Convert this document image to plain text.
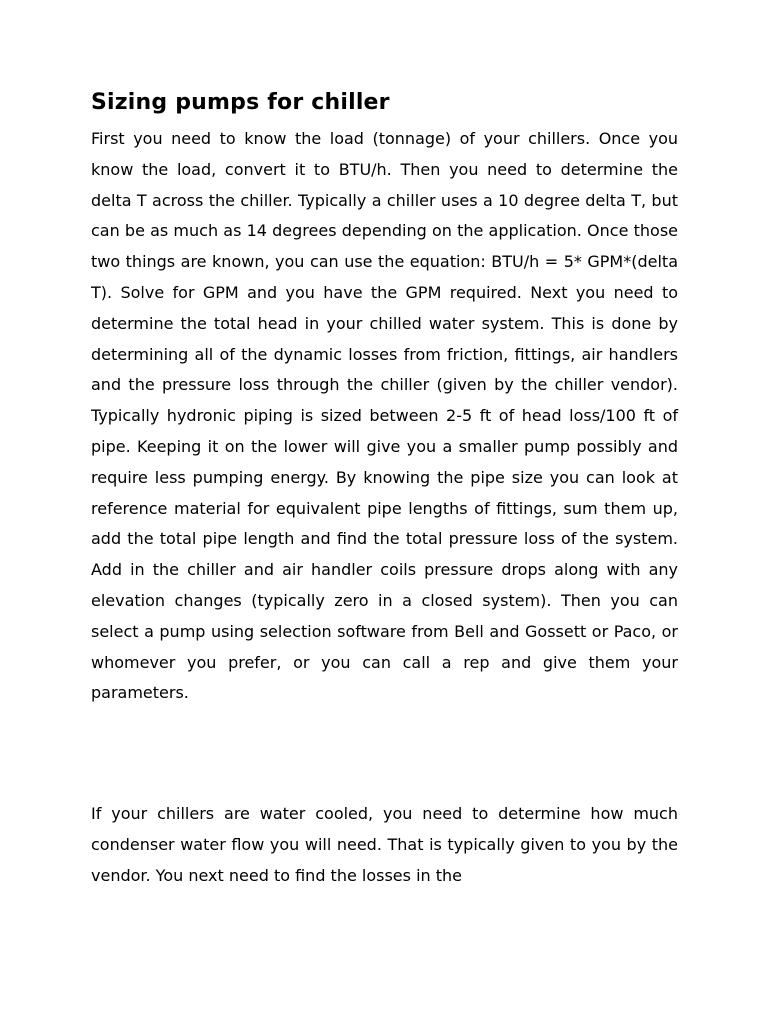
Sizing pumps for chiller

First you need to know the load (tonnage) of your chillers. Once you know the load, convert it to BTU/h. Then you need to determine the delta T across the chiller. Typically a chiller uses a 10 degree delta T, but can be as much as 14 degrees depending on the application. Once those two things are known, you can use the equation: BTU/h = 5* GPM*(delta T). Solve for GPM and you have the GPM required. Next you need to determine the total head in your chilled water system. This is done by determining all of the dynamic losses from friction, fittings, air handlers and the pressure loss through the chiller (given by the chiller vendor). Typically hydronic piping is sized between 2-5 ft of head loss/100 ft of pipe. Keeping it on the lower will give you a smaller pump possibly and require less pumping energy. By knowing the pipe size you can look at reference material for equivalent pipe lengths of fittings, sum them up, add the total pipe length and find the total pressure loss of the system. Add in the chiller and air handler coils pressure drops along with any elevation changes (typically zero in a closed system). Then you can select a pump using selection software from Bell and Gossett or Paco, or whomever you prefer, or you can call a rep and give them your parameters.

If your chillers are water cooled, you need to determine how much condenser water flow you will need. That is typically given to you by the vendor. You next need to find the losses in the
